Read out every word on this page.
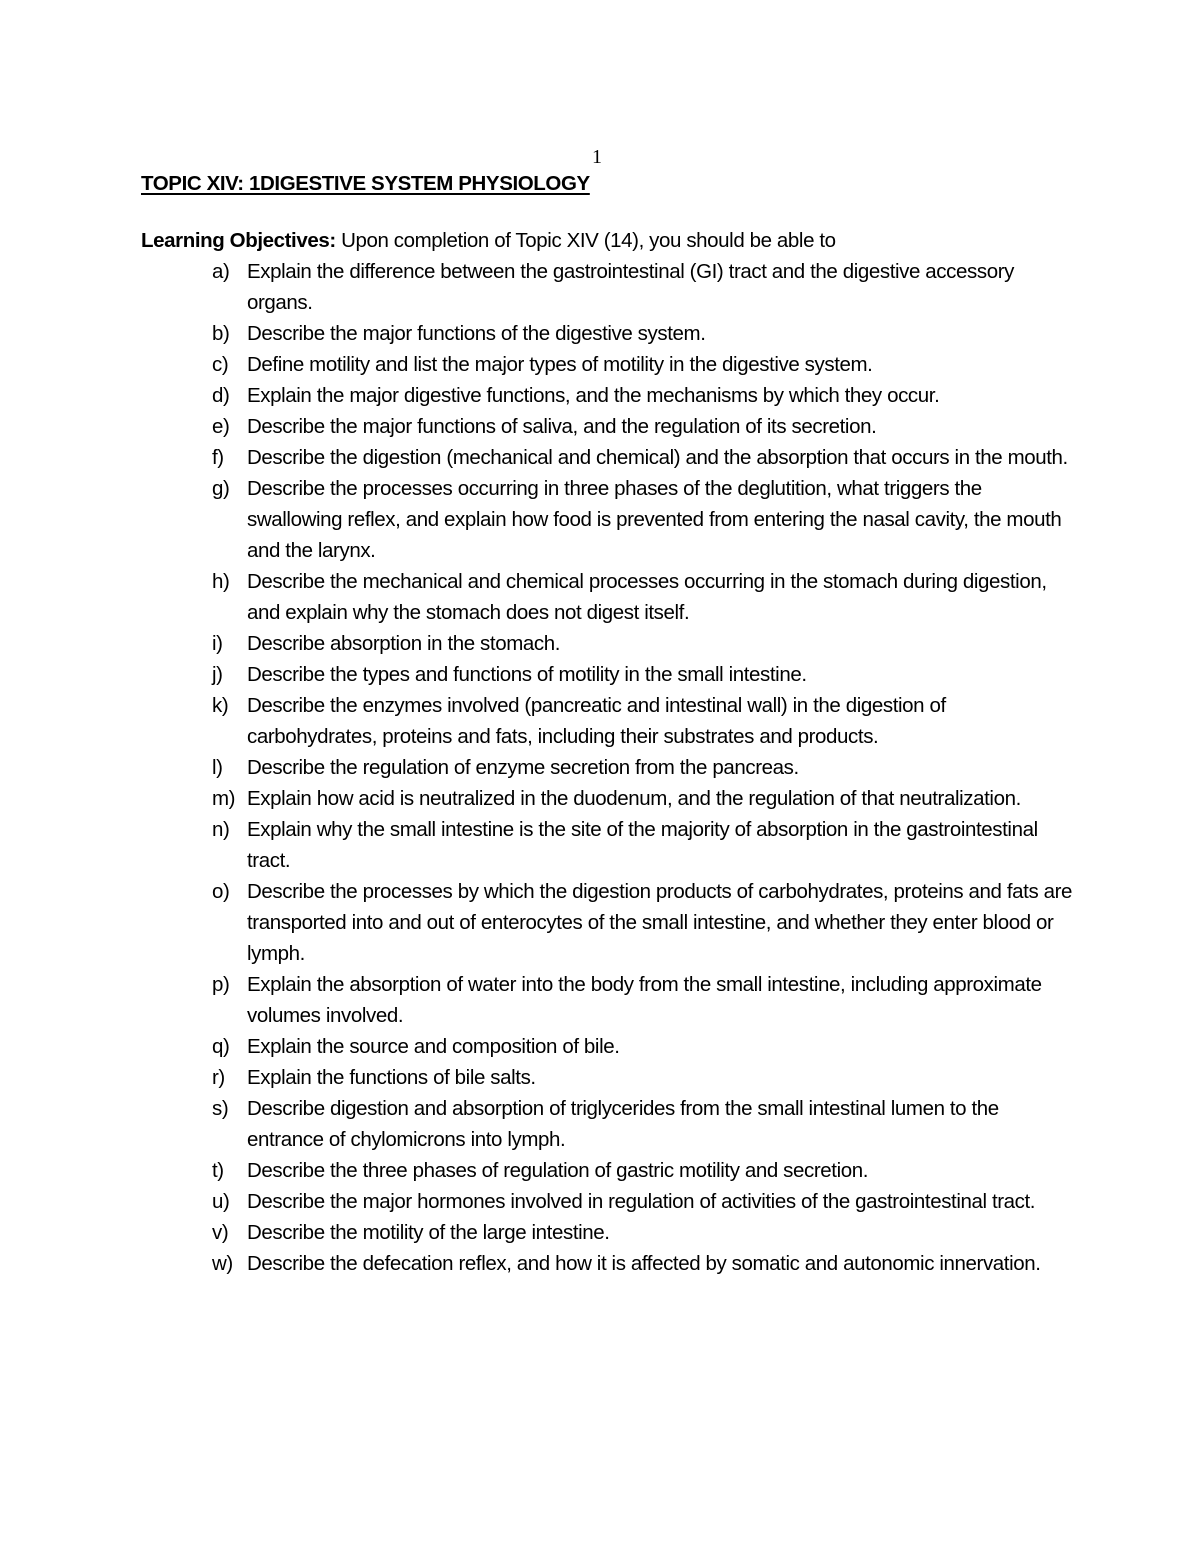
1
TOPIC XIV: 1DIGESTIVE SYSTEM PHYSIOLOGY
Learning Objectives: Upon completion of Topic XIV (14), you should be able to
a) Explain the difference between the gastrointestinal (GI) tract and the digestive accessory organs.
b) Describe the major functions of the digestive system.
c) Define motility and list the major types of motility in the digestive system.
d) Explain the major digestive functions, and the mechanisms by which they occur.
e) Describe the major functions of saliva, and the regulation of its secretion.
f) Describe the digestion (mechanical and chemical) and the absorption that occurs in the mouth.
g) Describe the processes occurring in three phases of the deglutition, what triggers the swallowing reflex, and explain how food is prevented from entering the nasal cavity, the mouth and the larynx.
h) Describe the mechanical and chemical processes occurring in the stomach during digestion, and explain why the stomach does not digest itself.
i) Describe absorption in the stomach.
j) Describe the types and functions of motility in the small intestine.
k) Describe the enzymes involved (pancreatic and intestinal wall) in the digestion of carbohydrates, proteins and fats, including their substrates and products.
l) Describe the regulation of enzyme secretion from the pancreas.
m) Explain how acid is neutralized in the duodenum, and the regulation of that neutralization.
n) Explain why the small intestine is the site of the majority of absorption in the gastrointestinal tract.
o) Describe the processes by which the digestion products of carbohydrates, proteins and fats are transported into and out of enterocytes of the small intestine, and whether they enter blood or lymph.
p) Explain the absorption of water into the body from the small intestine, including approximate volumes involved.
q) Explain the source and composition of bile.
r) Explain the functions of bile salts.
s) Describe digestion and absorption of triglycerides from the small intestinal lumen to the entrance of chylomicrons into lymph.
t) Describe the three phases of regulation of gastric motility and secretion.
u) Describe the major hormones involved in regulation of activities of the gastrointestinal tract.
v) Describe the motility of the large intestine.
w) Describe the defecation reflex, and how it is affected by somatic and autonomic innervation.
